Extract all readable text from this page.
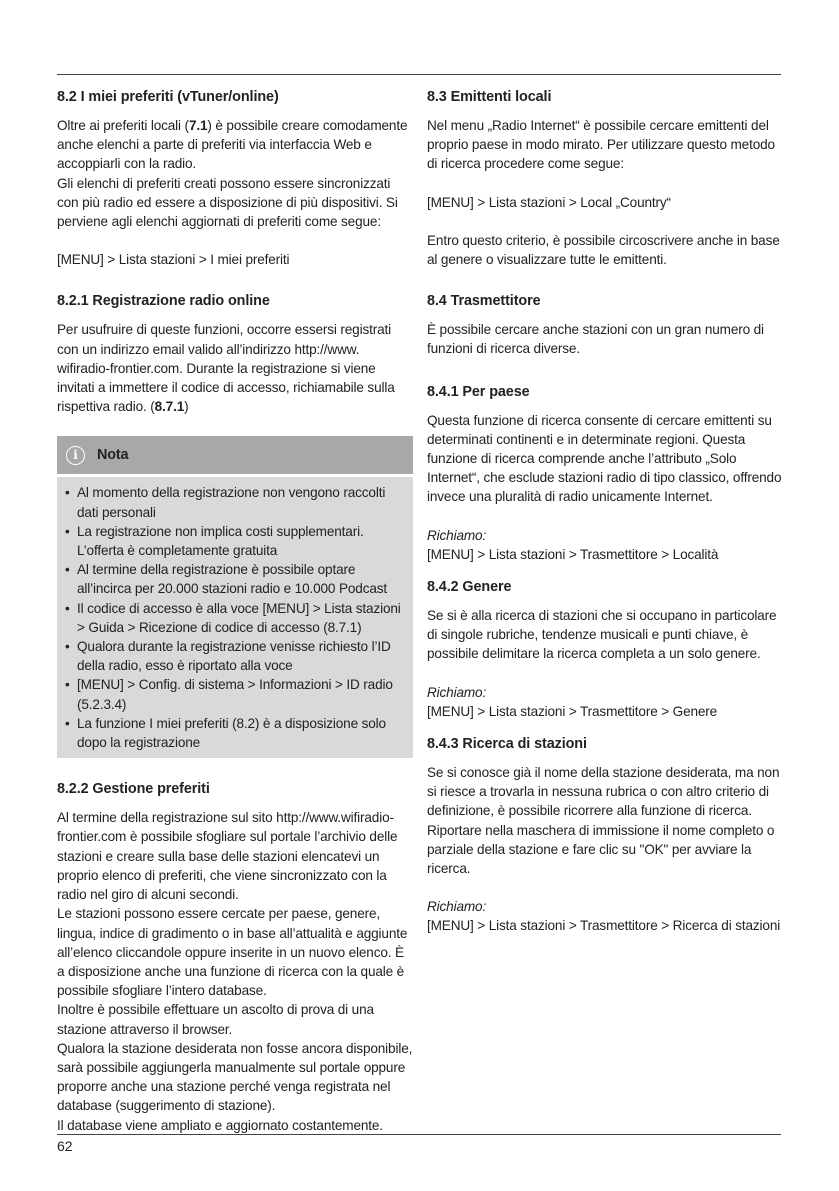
8.2 I miei preferiti (vTuner/online)

Oltre ai preferiti locali (7.1) è possibile creare comodamente anche elenchi a parte di preferiti via interfaccia Web e accoppiarli con la radio.

Gli elenchi di preferiti creati possono essere sincronizzati con più radio ed essere a disposizione di più dispositivi. Si perviene agli elenchi aggiornati di preferiti come segue:

[MENU] > Lista stazioni > I miei preferiti

8.2.1 Registrazione radio online

Per usufruire di queste funzioni, occorre essersi registrati con un indirizzo email valido all’indirizzo http://www. wifiradio-frontier.com. Durante la registrazione si viene invitati a immettere il codice di accesso, richiamabile sulla rispettiva radio. (8.7.1)

i	Nota
• Al momento della registrazione non vengono raccolti dati personali
• La registrazione non implica costi supplementari. L’offerta è completamente gratuita
• Al termine della registrazione è possibile optare all’incirca per 20.000 stazioni radio e 10.000 Podcast
• Il codice di accesso è alla voce [MENU] > Lista stazioni > Guida > Ricezione di codice di accesso (8.7.1)
• Qualora durante la registrazione venisse richiesto l’ID della radio, esso è riportato alla voce
• [MENU] > Config. di sistema > Informazioni > ID radio (5.2.3.4)
• La funzione I miei preferiti (8.2) è a disposizione solo dopo la registrazione
8.2.2 Gestione preferiti

Al termine della registrazione sul sito http://www.wifiradio-frontier.com è possibile sfogliare sul portale l’archivio delle stazioni e creare sulla base delle stazioni elencatevi un proprio elenco di preferiti, che viene sincronizzato con la radio nel giro di alcuni secondi.

Le stazioni possono essere cercate per paese, genere, lingua, indice di gradimento o in base all’attualità e aggiunte all’elenco cliccandole oppure inserite in un nuovo elenco. È a disposizione anche una funzione di ricerca con la quale è possibile sfogliare l’intero database.

Inoltre è possibile effettuare un ascolto di prova di una stazione attraverso il browser.

Qualora la stazione desiderata non fosse ancora disponibile, sarà possibile aggiungerla manualmente sul portale oppure proporre anche una stazione perché venga registrata nel database (suggerimento di stazione).

Il database viene ampliato e aggiornato costantemente.

8.3 Emittenti locali

Nel menu „Radio Internet“ è possibile cercare emittenti del proprio paese in modo mirato. Per utilizzare questo metodo di ricerca procedere come segue:

[MENU] > Lista stazioni > Local „Country“

Entro questo criterio, è possibile circoscrivere anche in base al genere o visualizzare tutte le emittenti.

8.4 Trasmettitore

È possibile cercare anche stazioni con un gran numero di funzioni di ricerca diverse.

8.4.1 Per paese

Questa funzione di ricerca consente di cercare emittenti su determinati continenti e in determinate regioni. Questa funzione di ricerca comprende anche l’attributo „Solo Internet“, che esclude stazioni radio di tipo classico, offrendo invece una pluralità di radio unicamente Internet.

Richiamo:

[MENU] > Lista stazioni > Trasmettitore > Località

8.4.2 Genere

Se si è alla ricerca di stazioni che si occupano in particolare di singole rubriche, tendenze musicali e punti chiave, è possibile delimitare la ricerca completa a un solo genere.

Richiamo:

[MENU] > Lista stazioni > Trasmettitore > Genere

8.4.3 Ricerca di stazioni

Se si conosce già il nome della stazione desiderata, ma non si riesce a trovarla in nessuna rubrica o con altro criterio di definizione, è possibile ricorrere alla funzione di ricerca.

Riportare nella maschera di immissione il nome completo o parziale della stazione e fare clic su "OK" per avviare la ricerca.

Richiamo:

[MENU] > Lista stazioni > Trasmettitore > Ricerca di stazioni

62
